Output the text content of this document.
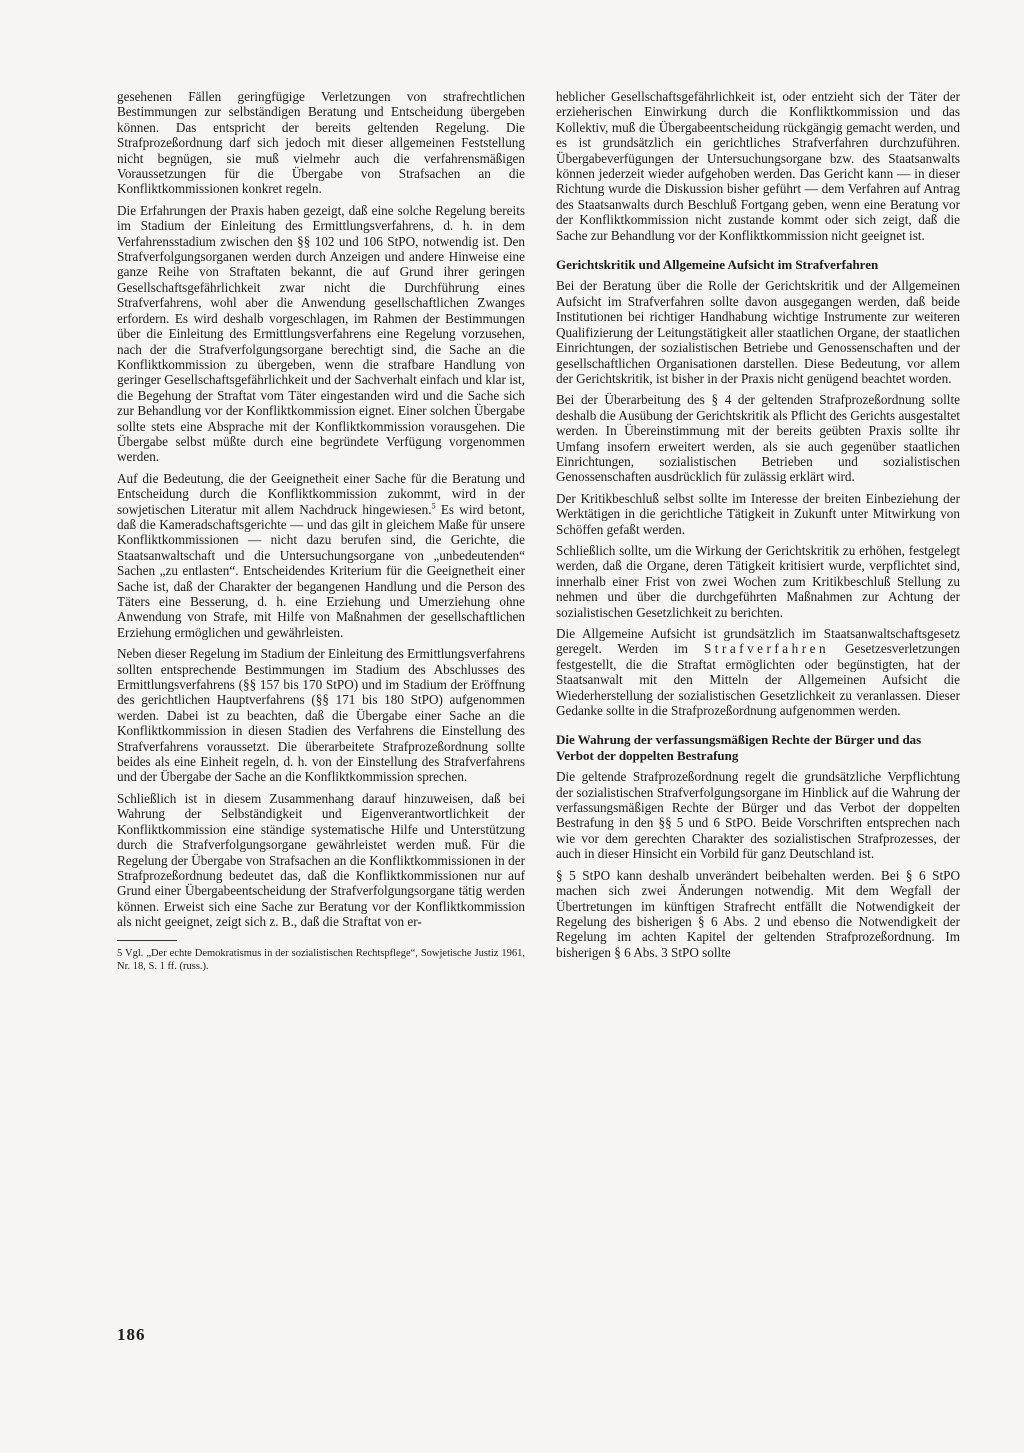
gesehenen Fällen geringfügige Verletzungen von strafrechtlichen Bestimmungen zur selbständigen Beratung und Entscheidung übergeben können. Das entspricht der bereits geltenden Regelung. Die Strafprozeßordnung darf sich jedoch mit dieser allgemeinen Feststellung nicht begnügen, sie muß vielmehr auch die verfahrensmäßigen Voraussetzungen für die Übergabe von Strafsachen an die Konfliktkommissionen konkret regeln.

Die Erfahrungen der Praxis haben gezeigt, daß eine solche Regelung bereits im Stadium der Einleitung des Ermittlungsverfahrens, d. h. in dem Verfahrensstadium zwischen den §§ 102 und 106 StPO, notwendig ist. Den Strafverfolgungsorganen werden durch Anzeigen und andere Hinweise eine ganze Reihe von Straftaten bekannt, die auf Grund ihrer geringen Gesellschaftsgefährlichkeit zwar nicht die Durchführung eines Strafverfahrens, wohl aber die Anwendung gesellschaftlichen Zwanges erfordern. Es wird deshalb vorgeschlagen, im Rahmen der Bestimmungen über die Einleitung des Ermittlungsverfahrens eine Regelung vorzusehen, nach der die Strafverfolgungsorgane berechtigt sind, die Sache an die Konfliktkommission zu übergeben, wenn die strafbare Handlung von geringer Gesellschaftsgefährlichkeit und der Sachverhalt einfach und klar ist, die Begehung der Straftat vom Täter eingestanden wird und die Sache sich zur Behandlung vor der Konfliktkommission eignet. Einer solchen Übergabe sollte stets eine Absprache mit der Konfliktkommission vorausgehen. Die Übergabe selbst müßte durch eine begründete Verfügung vorgenommen werden.

Auf die Bedeutung, die der Geeignetheit einer Sache für die Beratung und Entscheidung durch die Konfliktkommission zukommt, wird in der sowjetischen Literatur mit allem Nachdruck hingewiesen.$^5$ Es wird betont, daß die Kameradschaftsgerichte — und das gilt in gleichem Maße für unsere Konfliktkommissionen — nicht dazu berufen sind, die Gerichte, die Staatsanwaltschaft und die Untersuchungsorgane von „unbedeutenden“ Sachen „zu entlasten“. Entscheidendes Kriterium für die Geeignetheit einer Sache ist, daß der Charakter der begangenen Handlung und die Person des Täters eine Besserung, d. h. eine Erziehung und Umerziehung ohne Anwendung von Strafe, mit Hilfe von Maßnahmen der gesellschaftlichen Erziehung ermöglichen und gewährleisten.

Neben dieser Regelung im Stadium der Einleitung des Ermittlungsverfahrens sollten entsprechende Bestimmungen im Stadium des Abschlusses des Ermittlungsverfahrens (§§ 157 bis 170 StPO) und im Stadium der Eröffnung des gerichtlichen Hauptverfahrens (§§ 171 bis 180 StPO) aufgenommen werden. Dabei ist zu beachten, daß die Übergabe einer Sache an die Konfliktkommission in diesen Stadien des Verfahrens die Einstellung des Strafverfahrens voraussetzt. Die überarbeitete Strafprozeßordnung sollte beides als eine Einheit regeln, d. h. von der Einstellung des Strafverfahrens und der Übergabe der Sache an die Konfliktkommission sprechen.

Schließlich ist in diesem Zusammenhang darauf hinzuweisen, daß bei Wahrung der Selbständigkeit und Eigenverantwortlichkeit der Konfliktkommission eine ständige systematische Hilfe und Unterstützung durch die Strafverfolgungsorgane gewährleistet werden muß. Für die Regelung der Übergabe von Strafsachen an die Konfliktkommissionen in der Strafprozeßordnung bedeutet das, daß die Konfliktkommissionen nur auf Grund einer Übergabeentscheidung der Strafverfolgungsorgane tätig werden können. Erweist sich eine Sache zur Beratung vor der Konfliktkommission als nicht geeignet, zeigt sich z. B., daß die Straftat von er-

5 Vgl. „Der echte Demokratismus in der sozialistischen Rechtspflege“, Sowjetische Justiz 1961, Nr. 18, S. 1 ff. (russ.).

heblicher Gesellschaftsgefährlichkeit ist, oder entzieht sich der Täter der erzieherischen Einwirkung durch die Konfliktkommission und das Kollektiv, muß die Übergabeentscheidung rückgängig gemacht werden, und es ist grundsätzlich ein gerichtliches Strafverfahren durchzuführen. Übergabeverfügungen der Untersuchungsorgane bzw. des Staatsanwalts können jederzeit wieder aufgehoben werden. Das Gericht kann — in dieser Richtung wurde die Diskussion bisher geführt — dem Verfahren auf Antrag des Staatsanwalts durch Beschluß Fortgang geben, wenn eine Beratung vor der Konfliktkommission nicht zustande kommt oder sich zeigt, daß die Sache zur Behandlung vor der Konfliktkommission nicht geeignet ist.

Gerichtskritik und Allgemeine Aufsicht im Strafverfahren

Bei der Beratung über die Rolle der Gerichtskritik und der Allgemeinen Aufsicht im Strafverfahren sollte davon ausgegangen werden, daß beide Institutionen bei richtiger Handhabung wichtige Instrumente zur weiteren Qualifizierung der Leitungstätigkeit aller staatlichen Organe, der staatlichen Einrichtungen, der sozialistischen Betriebe und Genossenschaften und der gesellschaftlichen Organisationen darstellen. Diese Bedeutung, vor allem der Gerichtskritik, ist bisher in der Praxis nicht genügend beachtet worden.

Bei der Überarbeitung des § 4 der geltenden Strafprozeßordnung sollte deshalb die Ausübung der Gerichtskritik als Pflicht des Gerichts ausgestaltet werden. In Übereinstimmung mit der bereits geübten Praxis sollte ihr Umfang insofern erweitert werden, als sie auch gegenüber staatlichen Einrichtungen, sozialistischen Betrieben und sozialistischen Genossenschaften ausdrücklich für zulässig erklärt wird.

Der Kritikbeschluß selbst sollte im Interesse der breiten Einbeziehung der Werktätigen in die gerichtliche Tätigkeit in Zukunft unter Mitwirkung von Schöffen gefaßt werden.

Schließlich sollte, um die Wirkung der Gerichtskritik zu erhöhen, festgelegt werden, daß die Organe, deren Tätigkeit kritisiert wurde, verpflichtet sind, innerhalb einer Frist von zwei Wochen zum Kritikbeschluß Stellung zu nehmen und über die durchgeführten Maßnahmen zur Achtung der sozialistischen Gesetzlichkeit zu berichten.

Die Allgemeine Aufsicht ist grundsätzlich im Staatsanwaltschaftsgesetz geregelt. Werden im Strafverfahren Gesetzesverletzungen festgestellt, die die Straftat ermöglichten oder begünstigten, hat der Staatsanwalt mit den Mitteln der Allgemeinen Aufsicht die Wiederherstellung der sozialistischen Gesetzlichkeit zu veranlassen. Dieser Gedanke sollte in die Strafprozeßordnung aufgenommen werden.

Die Wahrung der verfassungsmäßigen Rechte der Bürger und das Verbot der doppelten Bestrafung

Die geltende Strafprozeßordnung regelt die grundsätzliche Verpflichtung der sozialistischen Strafverfolgungsorgane im Hinblick auf die Wahrung der verfassungsmäßigen Rechte der Bürger und das Verbot der doppelten Bestrafung in den §§ 5 und 6 StPO. Beide Vorschriften entsprechen nach wie vor dem gerechten Charakter des sozialistischen Strafprozesses, der auch in dieser Hinsicht ein Vorbild für ganz Deutschland ist.

§ 5 StPO kann deshalb unverändert beibehalten werden. Bei § 6 StPO machen sich zwei Änderungen notwendig. Mit dem Wegfall der Übertretungen im künftigen Strafrecht entfällt die Notwendigkeit der Regelung des bisherigen § 6 Abs. 2 und ebenso die Notwendigkeit der Regelung im achten Kapitel der geltenden Strafprozeßordnung. Im bisherigen § 6 Abs. 3 StPO sollte

186
